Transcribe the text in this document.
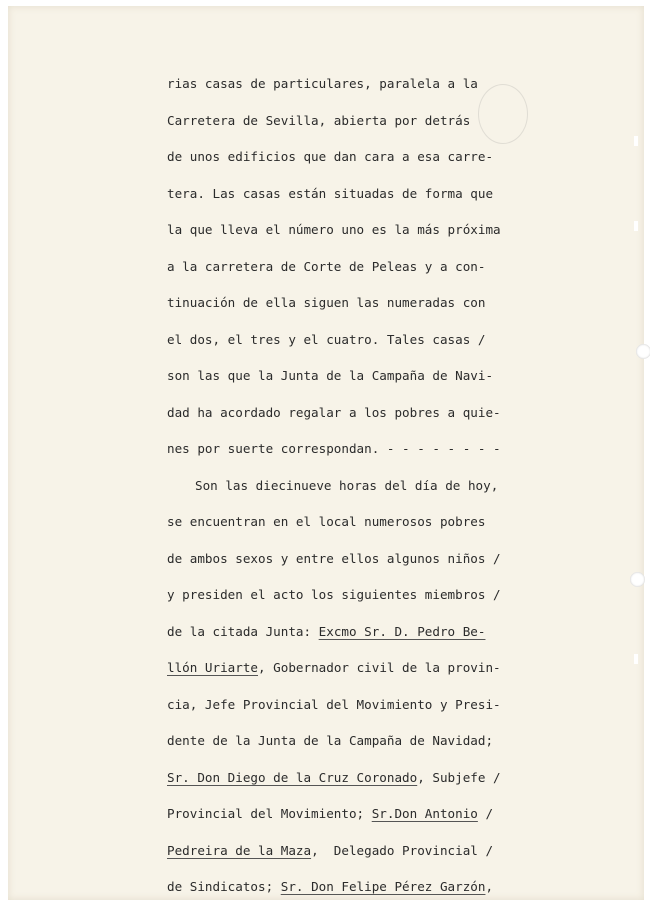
rias casas de particulares, paralela a la
Carretera de Sevilla, abierta por detrás
de unos edificios que dan cara a esa carre-
tera. Las casas están situadas de forma que
la que lleva el número uno es la más próxima
a la carretera de Corte de Peleas y a con-
tinuación de ella siguen las numeradas con
el dos, el tres y el cuatro. Tales casas /
son las que la Junta de la Campaña de Navi-
dad ha acordado regalar a los pobres a quie-
nes por suerte correspondan. - - - - - - - -
Son las diecinueve horas del día de hoy,
se encuentran en el local numerosos pobres
de ambos sexos y entre ellos algunos niños /
y presiden el acto los siguientes miembros /
de la citada Junta: Excmo Sr. D. Pedro Be-
llón Uriarte, Gobernador civil de la provin-
cia, Jefe Provincial del Movimiento y Presi-
dente de la Junta de la Campaña de Navidad;
Sr. Don Diego de la Cruz Coronado, Subjefe /
Provincial del Movimiento; Sr.Don Antonio /
Pedreira de la Maza,  Delegado Provincial /
de Sindicatos; Sr. Don Felipe Pérez Garzón,
